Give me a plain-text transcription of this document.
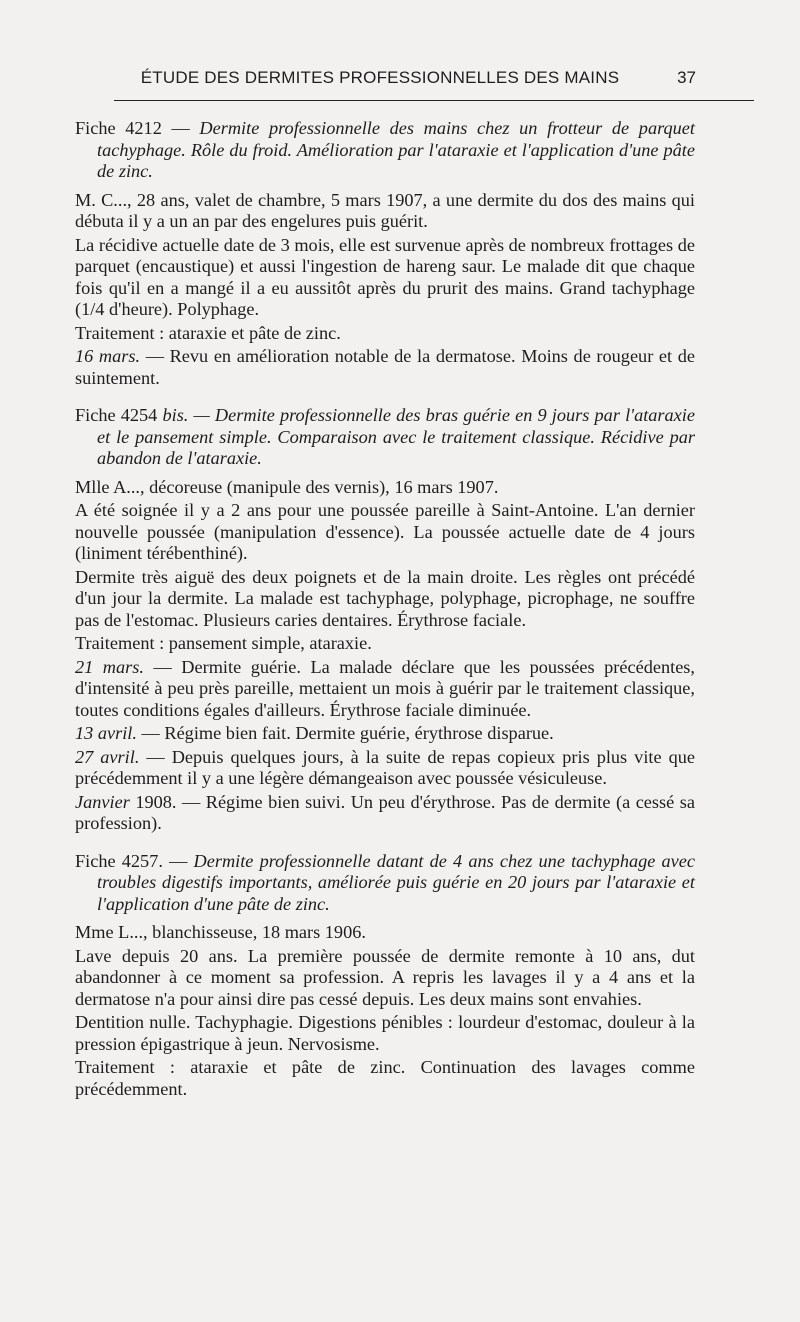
ÉTUDE DES DERMITES PROFESSIONNELLES DES MAINS	37

Fiche 4212 — Dermite professionnelle des mains chez un frotteur de parquet tachyphage. Rôle du froid. Amélioration par l'ataraxie et l'application d'une pâte de zinc.

M. C..., 28 ans, valet de chambre, 5 mars 1907, a une dermite du dos des mains qui débuta il y a un an par des engelures puis guérit.

La récidive actuelle date de 3 mois, elle est survenue après de nombreux frottages de parquet (encaustique) et aussi l'ingestion de hareng saur. Le malade dit que chaque fois qu'il en a mangé il a eu aussitôt après du prurit des mains. Grand tachyphage (1/4 d'heure). Polyphage.

Traitement : ataraxie et pâte de zinc.

16 mars. — Revu en amélioration notable de la dermatose. Moins de rougeur et de suintement.

Fiche 4254 bis. — Dermite professionnelle des bras guérie en 9 jours par l'ataraxie et le pansement simple. Comparaison avec le traitement classique. Récidive par abandon de l'ataraxie.

Mlle A..., décoreuse (manipule des vernis), 16 mars 1907.

A été soignée il y a 2 ans pour une poussée pareille à Saint-Antoine. L'an dernier nouvelle poussée (manipulation d'essence). La poussée actuelle date de 4 jours (liniment térébenthiné).

Dermite très aiguë des deux poignets et de la main droite. Les règles ont précédé d'un jour la dermite. La malade est tachyphage, polyphage, picrophage, ne souffre pas de l'estomac. Plusieurs caries dentaires. Érythrose faciale.

Traitement : pansement simple, ataraxie.

21 mars. — Dermite guérie. La malade déclare que les poussées précédentes, d'intensité à peu près pareille, mettaient un mois à guérir par le traitement classique, toutes conditions égales d'ailleurs. Érythrose faciale diminuée.

13 avril. — Régime bien fait. Dermite guérie, érythrose disparue.

27 avril. — Depuis quelques jours, à la suite de repas copieux pris plus vite que précédemment il y a une légère démangeaison avec poussée vésiculeuse.

Janvier 1908. — Régime bien suivi. Un peu d'érythrose. Pas de dermite (a cessé sa profession).

Fiche 4257. — Dermite professionnelle datant de 4 ans chez une tachyphage avec troubles digestifs importants, améliorée puis guérie en 20 jours par l'ataraxie et l'application d'une pâte de zinc.

Mme L..., blanchisseuse, 18 mars 1906.

Lave depuis 20 ans. La première poussée de dermite remonte à 10 ans, dut abandonner à ce moment sa profession. A repris les lavages il y a 4 ans et la dermatose n'a pour ainsi dire pas cessé depuis. Les deux mains sont envahies.

Dentition nulle. Tachyphagie. Digestions pénibles : lourdeur d'estomac, douleur à la pression épigastrique à jeun. Nervosisme.

Traitement : ataraxie et pâte de zinc. Continuation des lavages comme précédemment.
